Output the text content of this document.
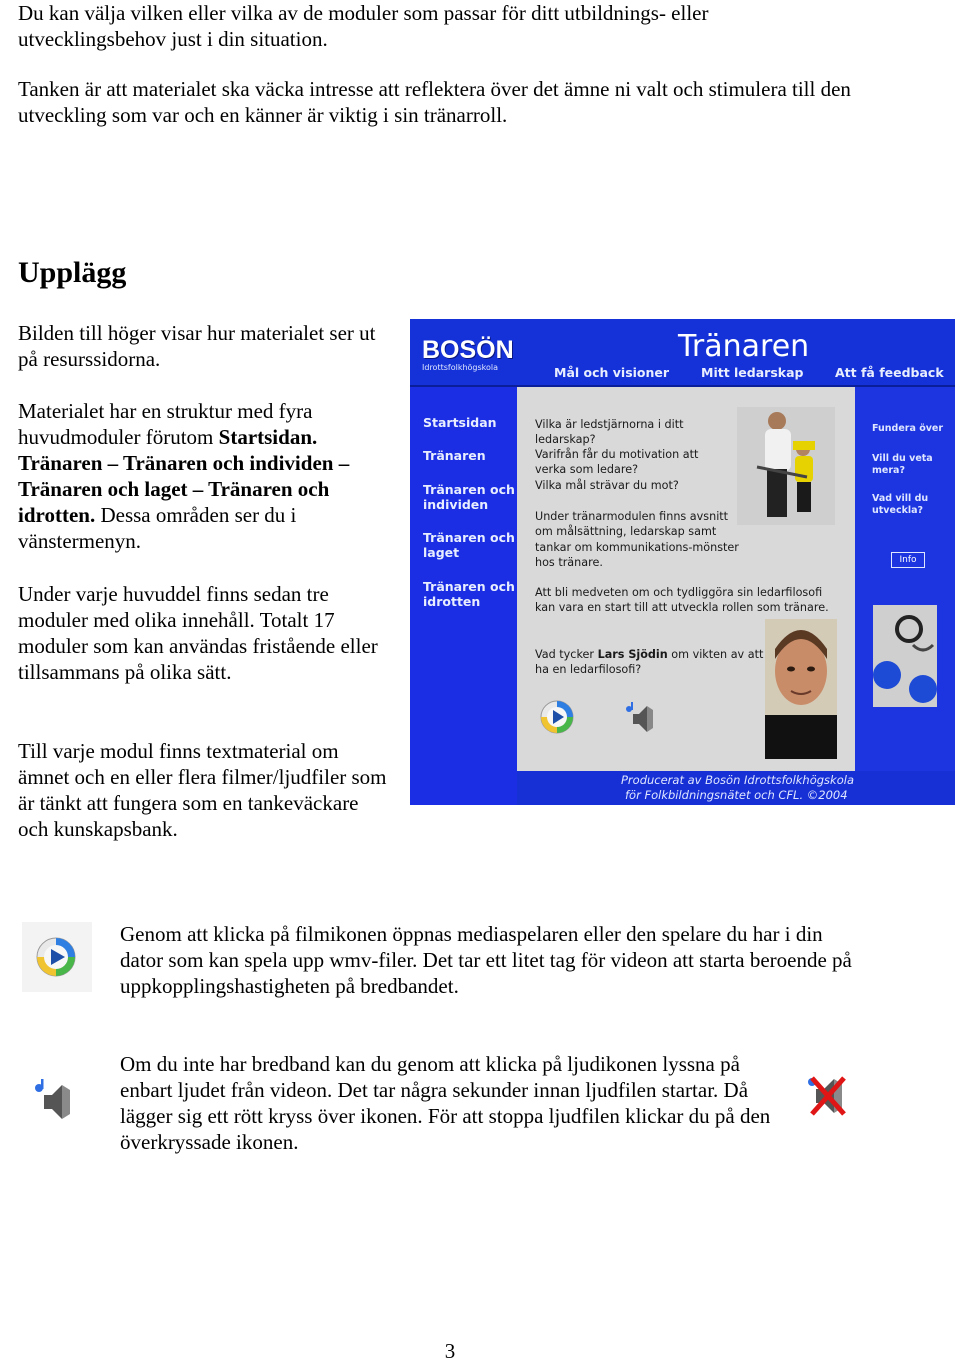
Du kan välja vilken eller vilka av de moduler som passar för ditt utbildnings- eller utvecklingsbehov just i din situation.

Tanken är att materialet ska väcka intresse att reflektera över det ämne ni valt och stimulera till den utveckling som var och en känner är viktig i sin tränarroll.

Upplägg

Bilden till höger visar hur materialet ser ut på resurssidorna.

Materialet har en struktur med fyra huvudmoduler förutom Startsidan. Tränaren – Tränaren och individen – Tränaren och laget – Tränaren och idrotten. Dessa områden ser du i vänstermenyn.

Under varje huvuddel finns sedan tre moduler med olika innehåll. Totalt 17 moduler som kan användas fristående eller tillsammans på olika sätt.

Till varje modul finns textmaterial om ämnet och en eller flera filmer/ljudfiler som är tänkt att fungera som en tankeväckare och kunskapsbank.

BOSÖN
Idrottsfolkhögskola
Tränaren
Mål och visioner	Mitt ledarskap	Att få feedback
Startsidan
Tränaren
Tränaren och individen
Tränaren och laget
Tränaren och idrotten
Vilka är ledstjärnorna i ditt ledarskap?
Varifrån får du motivation att verka som ledare?
Vilka mål strävar du mot?
Under tränarmodulen finns avsnitt om målsättning, ledarskap samt tankar om kommunikations-mönster hos tränare.
Att bli medveten om och tydliggöra sin ledarfilosofi kan vara en start till att utveckla rollen som tränare.
Vad tycker Lars Sjödin om vikten av att ha en ledarfilosofi?
Fundera över
Vill du veta mera?
Vad vill du utveckla?
Info
Producerat av Bosön Idrottsfolkhögskola
för Folkbildningsnätet och CFL. ©2004

Genom att klicka på filmikonen öppnas mediaspelaren eller den spelare du har i din dator som kan spela upp wmv-filer. Det tar ett litet tag för videon att starta beroende på uppkopplingshastigheten på bredbandet.

Om du inte har bredband kan du genom att klicka på ljudikonen lyssna på enbart ljudet från videon. Det tar några sekunder innan ljudfilen startar. Då lägger sig ett rött kryss över ikonen. För att stoppa ljudfilen klickar du på den överkryssade ikonen.

3
